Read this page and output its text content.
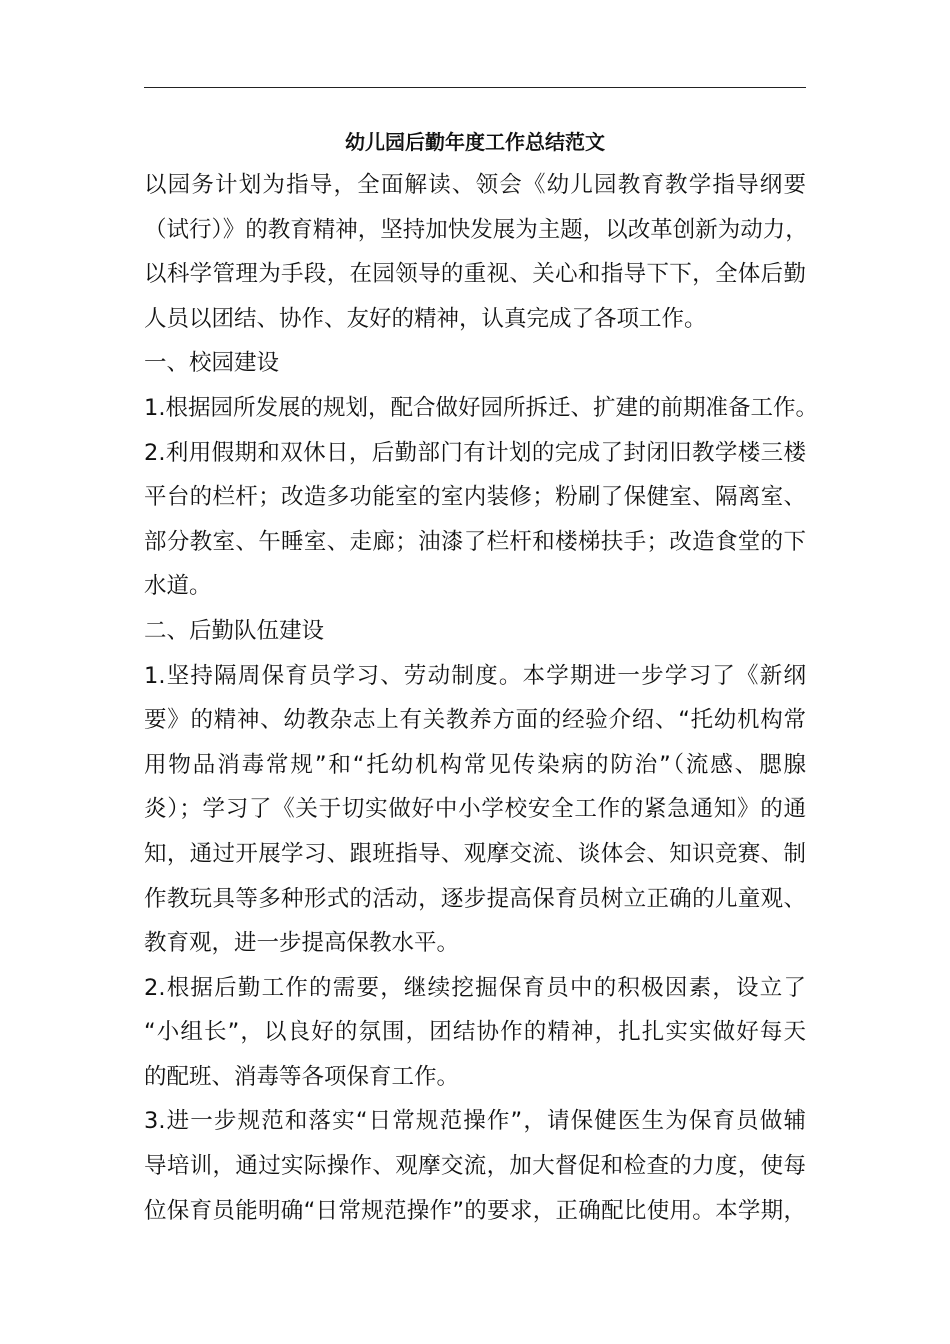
幼儿园后勤年度工作总结范文

以园务计划为指导，全面解读、领会《幼儿园教育教学指导纲要

（试行）》的教育精神，坚持加快发展为主题，以改革创新为动力，

以科学管理为手段，在园领导的重视、关心和指导下下，全体后勤

人员以团结、协作、友好的精神，认真完成了各项工作。

一、校园建设

1.根据园所发展的规划，配合做好园所拆迁、扩建的前期准备工作。

2.利用假期和双休日，后勤部门有计划的完成了封闭旧教学楼三楼

平台的栏杆；改造多功能室的室内装修；粉刷了保健室、隔离室、

部分教室、午睡室、走廊；油漆了栏杆和楼梯扶手；改造食堂的下

水道。

二、后勤队伍建设

1.坚持隔周保育员学习、劳动制度。本学期进一步学习了《新纲

要》的精神、幼教杂志上有关教养方面的经验介绍、“托幼机构常

用物品消毒常规”和“托幼机构常见传染病的防治”（流感、腮腺

炎）；学习了《关于切实做好中小学校安全工作的紧急通知》的通

知，通过开展学习、跟班指导、观摩交流、谈体会、知识竞赛、制

作教玩具等多种形式的活动，逐步提高保育员树立正确的儿童观、

教育观，进一步提高保教水平。

2.根据后勤工作的需要，继续挖掘保育员中的积极因素，设立了

“小组长”，以良好的氛围，团结协作的精神，扎扎实实做好每天

的配班、消毒等各项保育工作。

3.进一步规范和落实“日常规范操作”，请保健医生为保育员做辅

导培训，通过实际操作、观摩交流，加大督促和检查的力度，使每

位保育员能明确“日常规范操作”的要求，正确配比使用。本学期，
